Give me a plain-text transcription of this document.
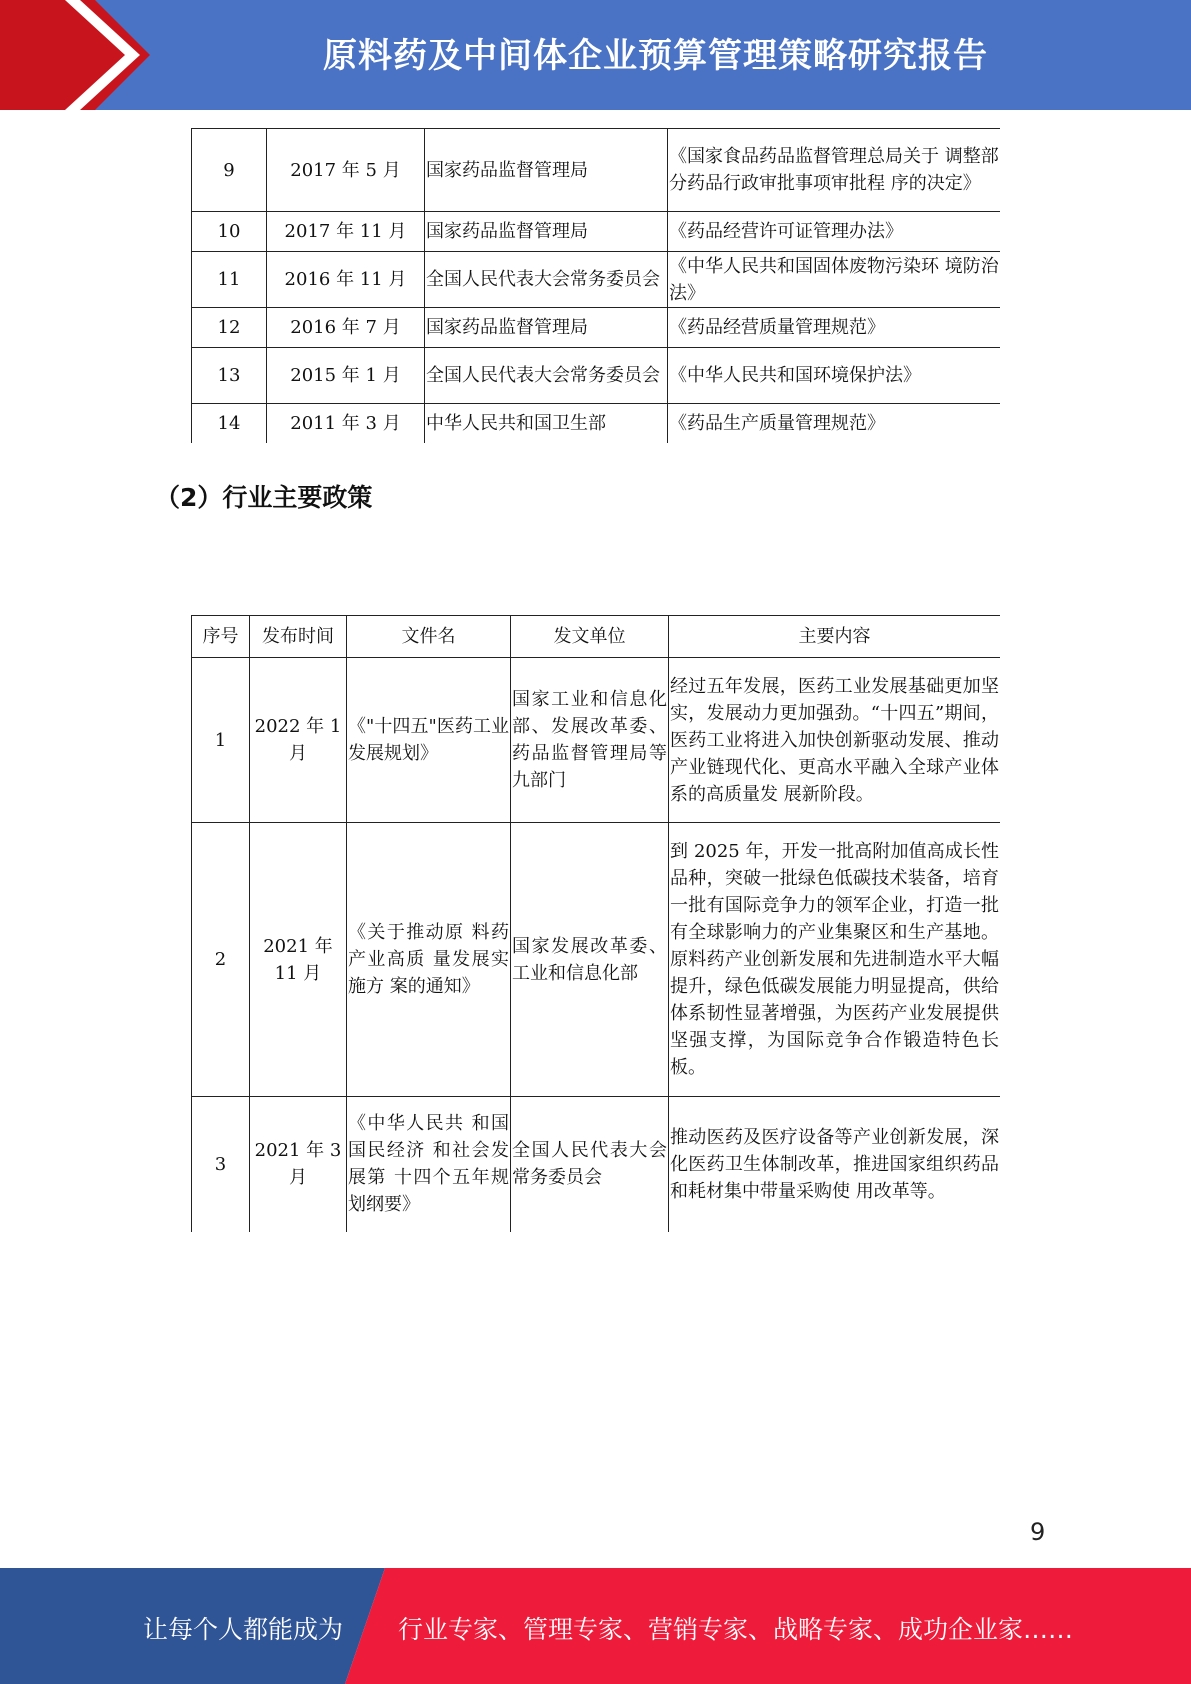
原料药及中间体企业预算管理策略研究报告
9	2017 年 5 月	国家药品监督管理局	《国家食品药品监督管理总局关于 调整部分药品行政审批事项审批程 序的决定》
10	2017 年 11 月	国家药品监督管理局	《药品经营许可证管理办法》
11	2016 年 11 月	全国人民代表大会常务委员会	《中华人民共和国固体废物污染环 境防治法》
12	2016 年 7 月	国家药品监督管理局	《药品经营质量管理规范》
13	2015 年 1 月	全国人民代表大会常务委员会	《中华人民共和国环境保护法》
14	2011 年 3 月	中华人民共和国卫生部	《药品生产质量管理规范》
（2）行业主要政策
序号	发布时间	文件名	发文单位	主要内容
1	2022 年 1 月	《"十四五"医药工业发展规划》	国家工业和信息化部、发展改革委、药品监督管理局等九部门	经过五年发展，医药工业发展基础更加坚实，发展动力更加强劲。“十四五”期间，医药工业将进入加快创新驱动发展、推动产业链现代化、更高水平融入全球产业体系的高质量发 展新阶段。
2	2021 年 11 月	《关于推动原 料药产业高质 量发展实施方 案的通知》	国家发展改革委、工业和信息化部	到 2025 年，开发一批高附加值高成长性品种，突破一批绿色低碳技术装备，培育一批有国际竞争力的领军企业，打造一批有全球影响力的产业集聚区和生产基地。原料药产业创新发展和先进制造水平大幅提升，绿色低碳发展能力明显提高，供给体系韧性显著增强，为医药产业发展提供坚强支撑，为国际竞争合作锻造特色长 板。
3	2021 年 3 月	《中华人民共 和国国民经济 和社会发展第 十四个五年规 划纲要》	全国人民代表大会常务委员会	推动医药及医疗设备等产业创新发展，深化医药卫生体制改革，推进国家组织药品和耗材集中带量采购使 用改革等。
9
让每个人都能成为 行业专家、管理专家、营销专家、战略专家、成功企业家……
